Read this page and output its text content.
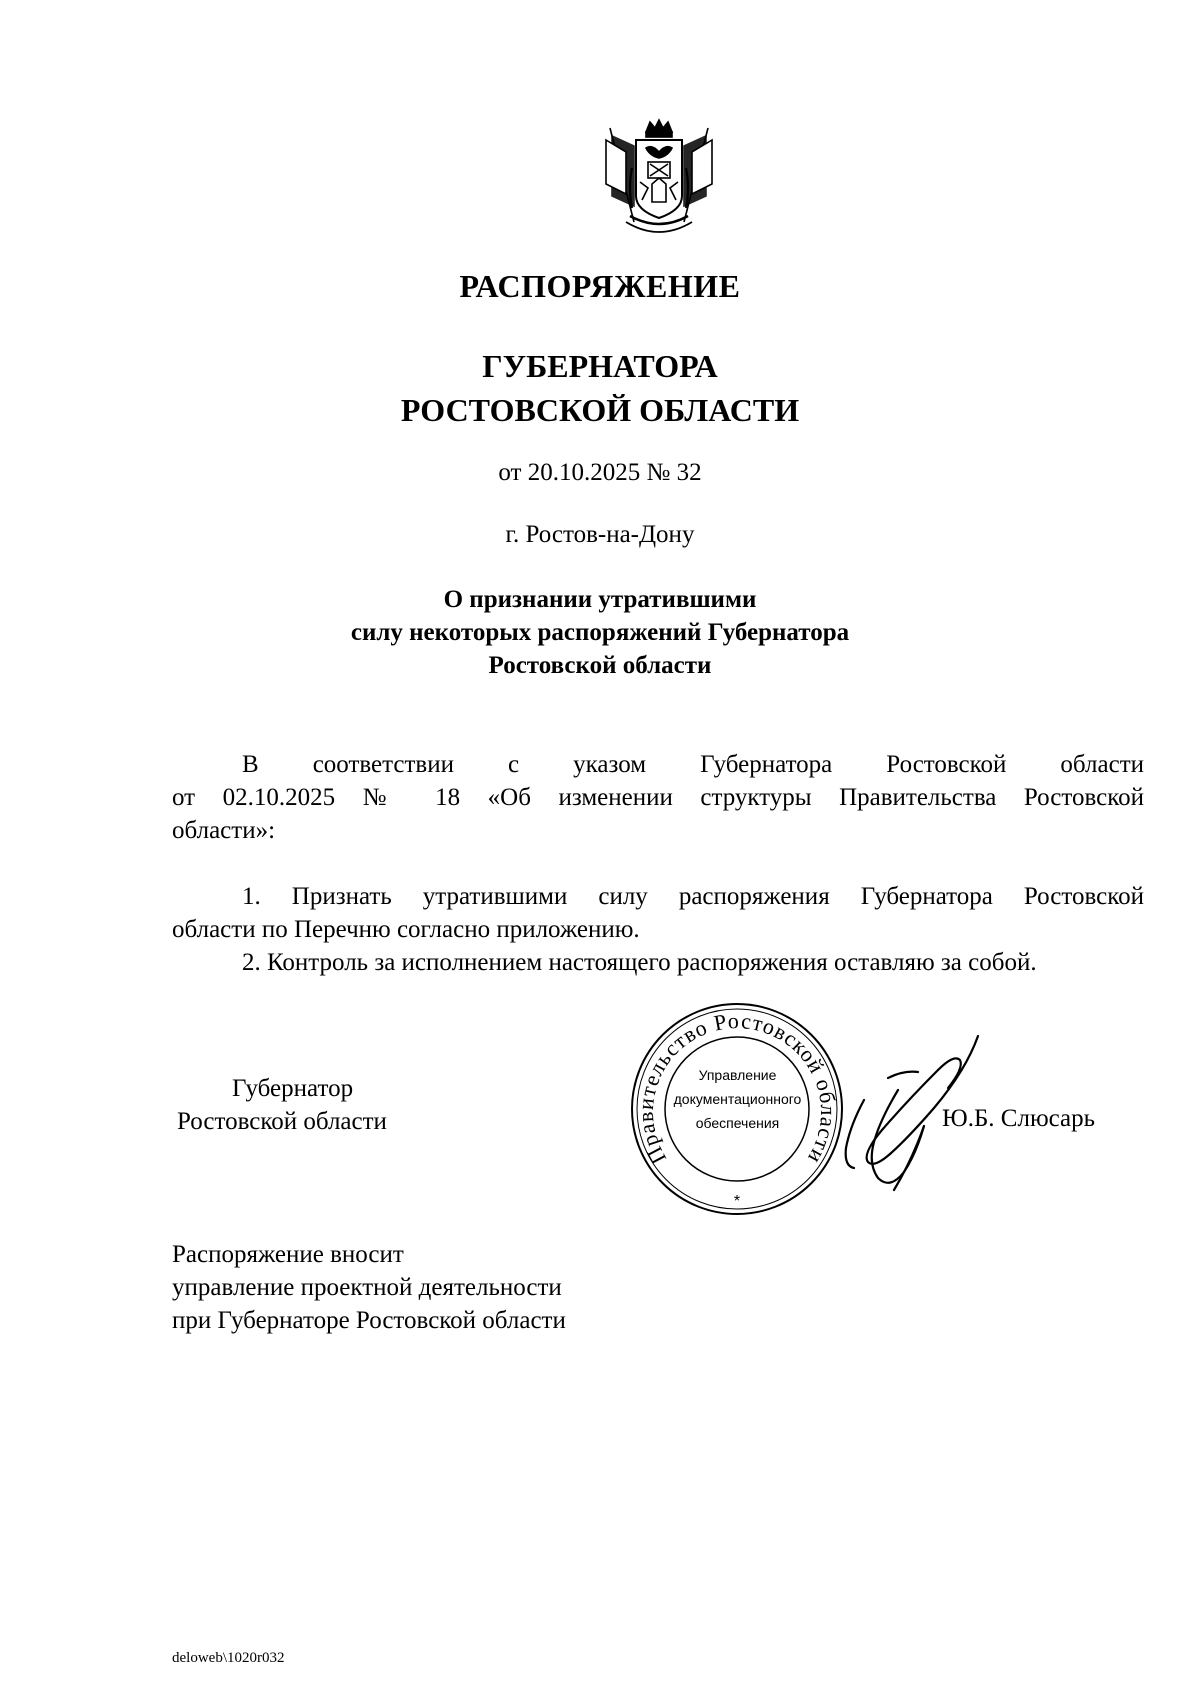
РАСПОРЯЖЕНИЕ
ГУБЕРНАТОРА
РОСТОВСКОЙ ОБЛАСТИ
от 20.10.2025 № 32
г. Ростов-на-Дону
О признании утратившими
силу некоторых распоряжений Губернатора
Ростовской области
В соответствии с указом Губернатора Ростовской области
от 02.10.2025 № 18 «Об изменении структуры Правительства Ростовской
области»:
1. Признать утратившими силу распоряжения Губернатора Ростовской
области по Перечню согласно приложению.
2. Контроль за исполнением настоящего распоряжения оставляю за собой.
Губернатор
Ростовской области
Правительство Ростовской области
*
Управление
документационного
обеспечения	Ю.Б. Слюсарь
Распоряжение вносит
управление проектной деятельности
при Губернаторе Ростовской области
deloweb\1020r032
